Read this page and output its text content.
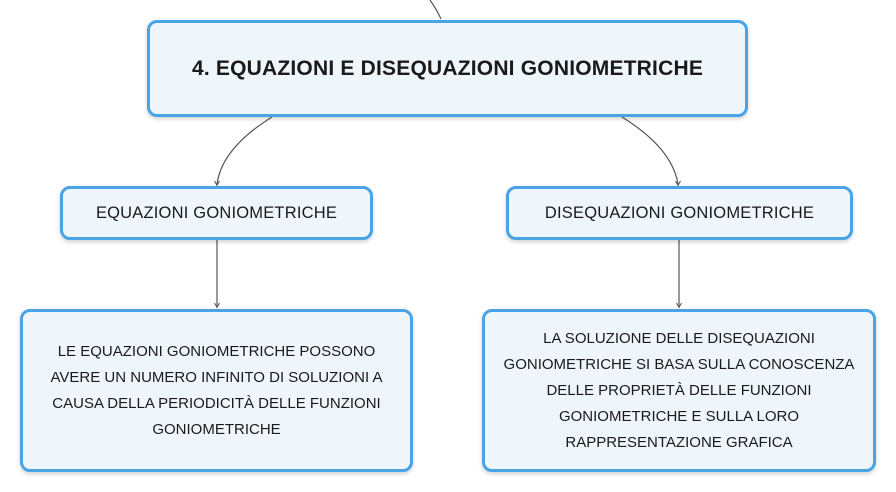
4. EQUAZIONI E DISEQUAZIONI GONIOMETRICHE
EQUAZIONI GONIOMETRICHE	DISEQUAZIONI GONIOMETRICHE
LE EQUAZIONI GONIOMETRICHE POSSONO AVERE UN NUMERO INFINITO DI SOLUZIONI A CAUSA DELLA PERIODICITÀ DELLE FUNZIONI GONIOMETRICHE
LA SOLUZIONE DELLE DISEQUAZIONI GONIOMETRICHE SI BASA SULLA CONOSCENZA DELLE PROPRIETÀ DELLE FUNZIONI GONIOMETRICHE E SULLA LORO RAPPRESENTAZIONE GRAFICA
